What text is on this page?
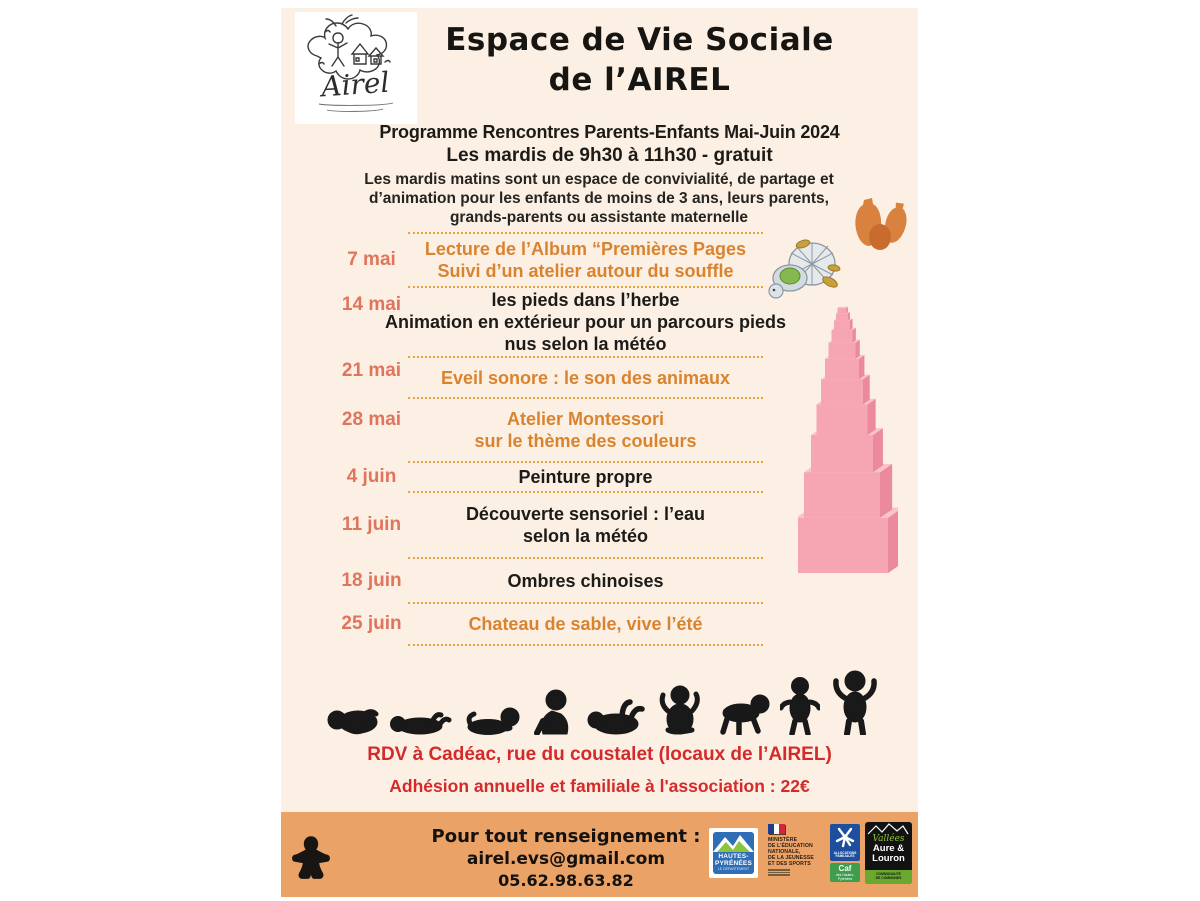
Airel
Espace de Vie Sociale
de l’AIREL
Programme Rencontres Parents-Enfants Mai-Juin 2024
Les mardis de 9h30 à 11h30 - gratuit
Les mardis matins sont un espace de convivialité, de partage et d’animation pour les enfants de moins de 3 ans, leurs parents, grands-parents ou assistante maternelle
7 mai	Lecture de l’Album “Premières Pages
Suivi d’un atelier autour du souffle
14 mai	les pieds dans l’herbe
Animation en extérieur pour un parcours pieds
nus selon la météo
21 mai	Eveil sonore : le son des animaux
28 mai	Atelier Montessori
sur le thème des couleurs
4 juin	Peinture propre
11 juin	Découverte sensoriel : l’eau
selon la météo
18 juin	Ombres chinoises
25 juin	Chateau de sable, vive l’été
RDV à Cadéac, rue du coustalet (locaux de l’AIREL)
Adhésion annuelle et familiale à l'association : 22€
Pour tout renseignement :
airel.evs@gmail.com
05.62.98.63.82
HAUTES-
PYRÉNÉES
LE DÉPARTEMENT
MINISTÈRE
DE L’ÉDUCATION
NATIONALE,
DE LA JEUNESSE
ET DES SPORTS
ALLOCATIONS FAMILIALES
Caf
des Hautes-Pyrénées
Vallées
Aure &
Louron
COMMUNAUTÉ
DE COMMUNES
